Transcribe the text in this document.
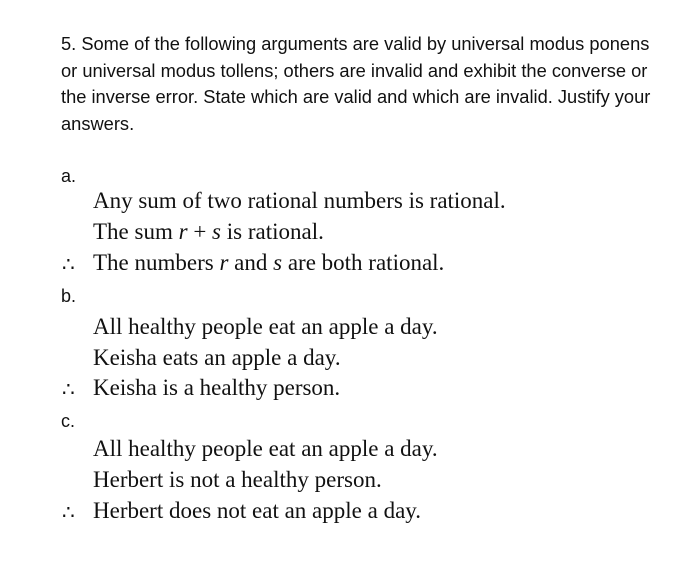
5. Some of the following arguments are valid by universal modus ponens or universal modus tollens; others are invalid and exhibit the converse or the inverse error. State which are valid and which are invalid. Justify your answers.

a.
Any sum of two rational numbers is rational.
The sum r + s is rational.
∴ The numbers r and s are both rational.
b.
All healthy people eat an apple a day.
Keisha eats an apple a day.
∴ Keisha is a healthy person.
c.
All healthy people eat an apple a day.
Herbert is not a healthy person.
∴ Herbert does not eat an apple a day.
